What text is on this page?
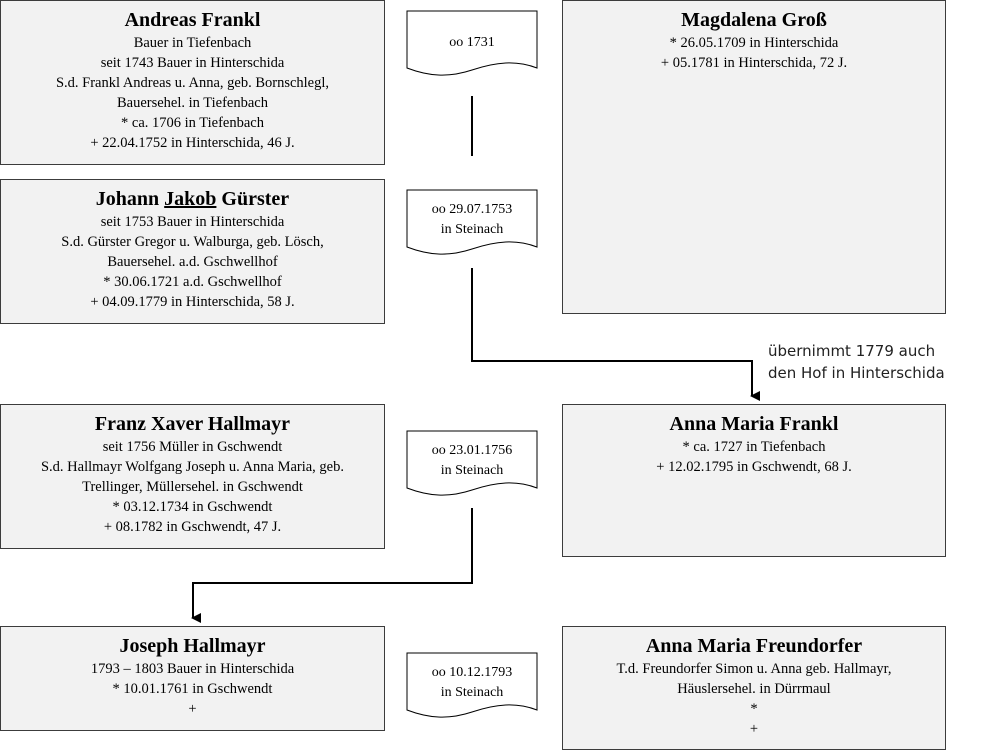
Andreas Frankl
Bauer in Tiefenbach
seit 1743 Bauer in Hinterschida
S.d. Frankl Andreas u. Anna, geb. Bornschlegl,
Bauersehel. in Tiefenbach
* ca. 1706 in Tiefenbach
+ 22.04.1752 in Hinterschida, 46 J.
Magdalena Groß
* 26.05.1709 in Hinterschida
+ 05.1781 in Hinterschida, 72 J.
Johann Jakob Gürster
seit 1753 Bauer in Hinterschida
S.d. Gürster Gregor u. Walburga, geb. Lösch,
Bauersehel. a.d. Gschwellhof
* 30.06.1721 a.d. Gschwellhof
+ 04.09.1779 in Hinterschida, 58 J.
Franz Xaver Hallmayr
seit 1756 Müller in Gschwendt
S.d. Hallmayr Wolfgang Joseph u. Anna Maria, geb.
Trellinger, Müllersehel. in Gschwendt
* 03.12.1734 in Gschwendt
+ 08.1782 in Gschwendt, 47 J.
Anna Maria Frankl
* ca. 1727 in Tiefenbach
+ 12.02.1795 in Gschwendt, 68 J.
Joseph Hallmayr
1793 – 1803 Bauer in Hinterschida
* 10.01.1761 in Gschwendt
+
Anna Maria Freundorfer
T.d. Freundorfer Simon u. Anna geb. Hallmayr,
Häuslersehel. in Dürrmaul
*
+
oo 1731
oo 29.07.1753
in Steinach
oo 23.01.1756
in Steinach
oo 10.12.1793
in Steinach
übernimmt 1779 auch
den Hof in Hinterschida
